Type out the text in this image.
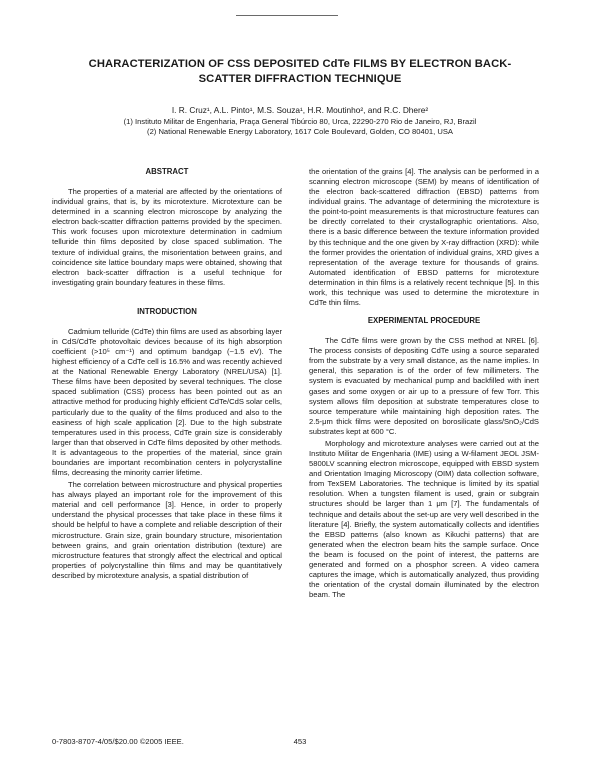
CHARACTERIZATION OF CSS DEPOSITED CdTe FILMS BY ELECTRON BACK-
SCATTER DIFFRACTION TECHNIQUE
I. R. Cruz¹, A.L. Pinto¹, M.S. Souza¹, H.R. Moutinho², and R.C. Dhere²
(1) Instituto Militar de Engenharia, Praça General Tibúrcio 80, Urca, 22290-270 Rio de Janeiro, RJ, Brazil
(2) National Renewable Energy Laboratory, 1617 Cole Boulevard, Golden, CO 80401, USA
ABSTRACT

The properties of a material are affected by the orientations of individual grains, that is, by its microtexture. Microtexture can be determined in a scanning electron microscope by analyzing the electron back-scatter diffraction patterns provided by the specimen. This work focuses upon microtexture determination in cadmium telluride thin films deposited by close spaced sublimation. The texture of individual grains, the misorientation between grains, and coincidence site lattice boundary maps were obtained, showing that electron back-scatter diffraction is a useful technique for investigating grain boundary features in these films.

INTRODUCTION

Cadmium telluride (CdTe) thin films are used as absorbing layer in CdS/CdTe photovoltaic devices because of its high absorption coefficient (>10⁵ cm⁻¹) and optimum bandgap (~1.5 eV). The highest efficiency of a CdTe cell is 16.5% and was recently achieved at the National Renewable Energy Laboratory (NREL/USA) [1]. These films have been deposited by several techniques. The close spaced sublimation (CSS) process has been pointed out as an attractive method for producing highly efficient CdTe/CdS solar cells, particularly due to the quality of the films produced and also to the easiness of high scale application [2]. Due to the high substrate temperatures used in this process, CdTe grain size is considerably larger than that observed in CdTe films deposited by other methods. It is advantageous to the properties of the material, since grain boundaries are important recombination centers in polycrystalline films, decreasing the minority carrier lifetime.

The correlation between microstructure and physical properties has always played an important role for the improvement of this material and cell performance [3]. Hence, in order to properly understand the physical processes that take place in these films it should be helpful to have a complete and reliable description of their microstructure. Grain size, grain boundary structure, misorientation between grains, and grain orientation distribution (texture) are microstructure features that strongly affect the electrical and optical properties of polycrystalline thin films and may be quantitatively described by microtexture analysis, a spatial distribution of

the orientation of the grains [4]. The analysis can be performed in a scanning electron microscope (SEM) by means of identification of the electron back-scattered diffraction (EBSD) patterns from individual grains. The advantage of determining the microtexture is the point-to-point measurements is that microstructure features can be directly correlated to their crystallographic orientations. Also, there is a basic difference between the texture information provided by this technique and the one given by X-ray diffraction (XRD): while the former provides the orientation of individual grains, XRD gives a representation of the average texture for thousands of grains. Automated identification of EBSD patterns for microtexture determination in thin films is a relatively recent technique [5]. In this work, this technique was used to determine the microtexture in CdTe thin films.

EXPERIMENTAL PROCEDURE

The CdTe films were grown by the CSS method at NREL [6]. The process consists of depositing CdTe using a source separated from the substrate by a very small distance, as the name implies. In general, this separation is of the order of few millimeters. The system is evacuated by mechanical pump and backfilled with inert gases and some oxygen or air up to a pressure of few Torr. This system allows film deposition at substrate temperatures close to source temperature while maintaining high deposition rates. The 2.5-μm thick films were deposited on borosilicate glass/SnO₂/CdS substrates kept at 600 °C.

Morphology and microtexture analyses were carried out at the Instituto Militar de Engenharia (IME) using a W-filament JEOL JSM-5800LV scanning electron microscope, equipped with EBSD system and Orientation Imaging Microscopy (OIM) data collection software, from TexSEM Laboratories. The technique is limited by its spatial resolution. When a tungsten filament is used, grain or subgrain structures should be larger than 1 μm [7]. The fundamentals of technique and details about the set-up are very well described in the literature [4]. Briefly, the system automatically collects and identifies the EBSD patterns (also known as Kikuchi patterns) that are generated when the electron beam hits the sample surface. Once the beam is focused on the point of interest, the patterns are generated and formed on a phosphor screen. A video camera captures the image, which is automatically analyzed, thus providing the orientation of the crystal domain illuminated by the electron beam. The

0-7803-8707-4/05/$20.00 ©2005 IEEE.	453
